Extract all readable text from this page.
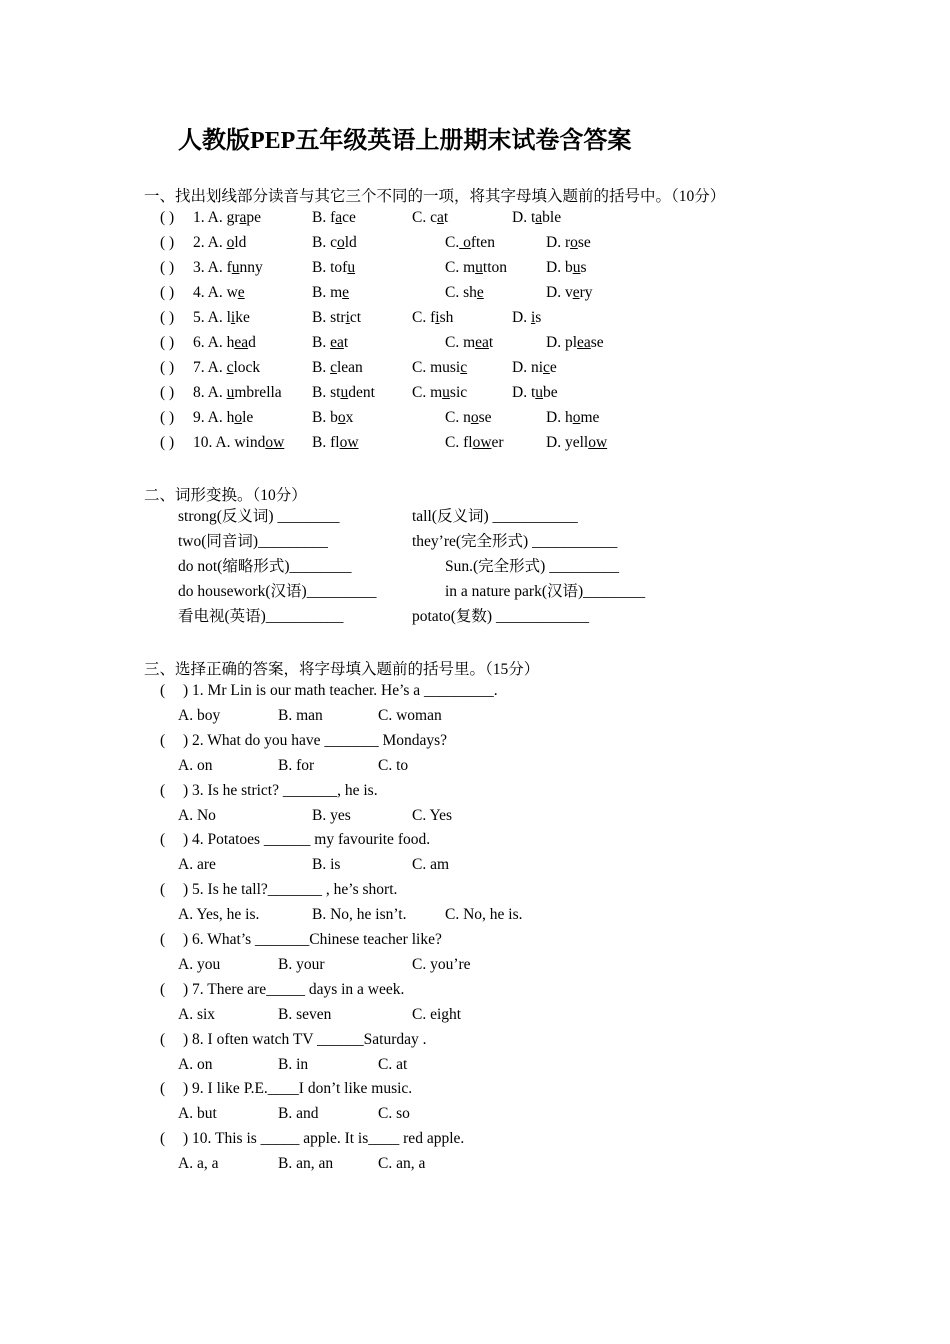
人教版PEP五年级英语上册期末试卷含答案
一、找出划线部分读音与其它三个不同的一项，将其字母填入题前的括号中。（10分）
( ) 1. A. grape	B. face	C. cat	D. table
( ) 2. A. old	B. cold	C. often	D. rose
( ) 3. A. funny	B. tofu	C. mutton	D. bus
( ) 4. A. we	B. me	C. she	D. very
( ) 5. A. like	B. strict	C. fish	D. is
( ) 6. A. head	B. eat	C. meat	D. please
( ) 7. A. clock	B. clean	C. music	D. nice
( ) 8. A. umbrella B. student C. music	D. tube
( ) 9. A. hole	B. box	C. nose	D. home
( ) 10. A. window B. flow	C. flower	D. yellow
二、词形变换。（10分）
strong(反义词) ________	tall(反义词) ___________
two(同音词)_________	they’re(完全形式) ___________
do not(缩略形式)________	Sun.(完全形式) _________
do housework(汉语)_________	in a nature park(汉语)________
看电视(英语)__________	potato(复数) ____________
三、选择正确的答案，将字母填入题前的括号里。（15分）
( ) 1. Mr Lin is our math teacher. He’s a _________.
A. boy	B. man	C. woman
( ) 2. What do you have _______ Mondays?
A. on	B. for	C. to
( ) 3. Is he strict? _______, he is.
A. No	B. yes	C. Yes
( ) 4. Potatoes ______ my favourite food.
A. are	B. is	C. am
( ) 5. Is he tall?_______ , he’s short.
A. Yes, he is.	B. No, he isn’t. C. No, he is.
( ) 6. What’s _______Chinese teacher like?
A. you	B. your	C. you’re
( ) 7. There are_____ days in a week.
A. six	B. seven	C. eight
( ) 8. I often watch TV ______Saturday .
A. on	B. in	C. at
( ) 9. I like P.E.____I don’t like music.
A. but	B. and	C. so
( ) 10. This is _____ apple. It is____ red apple.
A. a, a	B. an, an	C. an, a
